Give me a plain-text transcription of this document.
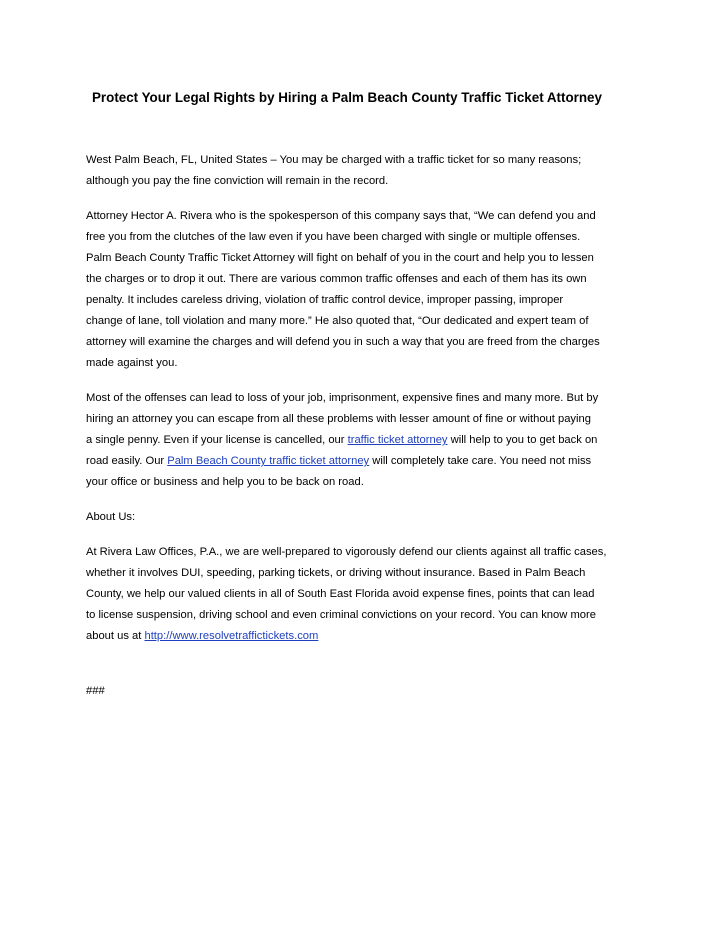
Protect Your Legal Rights by Hiring a Palm Beach County Traffic Ticket Attorney
West Palm Beach, FL, United States – You may be charged with a traffic ticket for so many reasons;
although you pay the fine conviction will remain in the record.
Attorney Hector A. Rivera who is the spokesperson of this company says that, “We can defend you and
free you from the clutches of the law even if you have been charged with single or multiple offenses.
Palm Beach County Traffic Ticket Attorney will fight on behalf of you in the court and help you to lessen
the charges or to drop it out. There are various common traffic offenses and each of them has its own
penalty. It includes careless driving, violation of traffic control device, improper passing, improper
change of lane, toll violation and many more.” He also quoted that, “Our dedicated and expert team of
attorney will examine the charges and will defend you in such a way that you are freed from the charges
made against you.
Most of the offenses can lead to loss of your job, imprisonment, expensive fines and many more. But by
hiring an attorney you can escape from all these problems with lesser amount of fine or without paying
a single penny. Even if your license is cancelled, our traffic ticket attorney will help to you to get back on
road easily. Our Palm Beach County traffic ticket attorney will completely take care. You need not miss
your office or business and help you to be back on road.
About Us:
At Rivera Law Offices, P.A., we are well-prepared to vigorously defend our clients against all traffic cases,
whether it involves DUI, speeding, parking tickets, or driving without insurance. Based in Palm Beach
County, we help our valued clients in all of South East Florida avoid expense fines, points that can lead
to license suspension, driving school and even criminal convictions on your record. You can know more
about us at http://www.resolvetraffictickets.com
###
